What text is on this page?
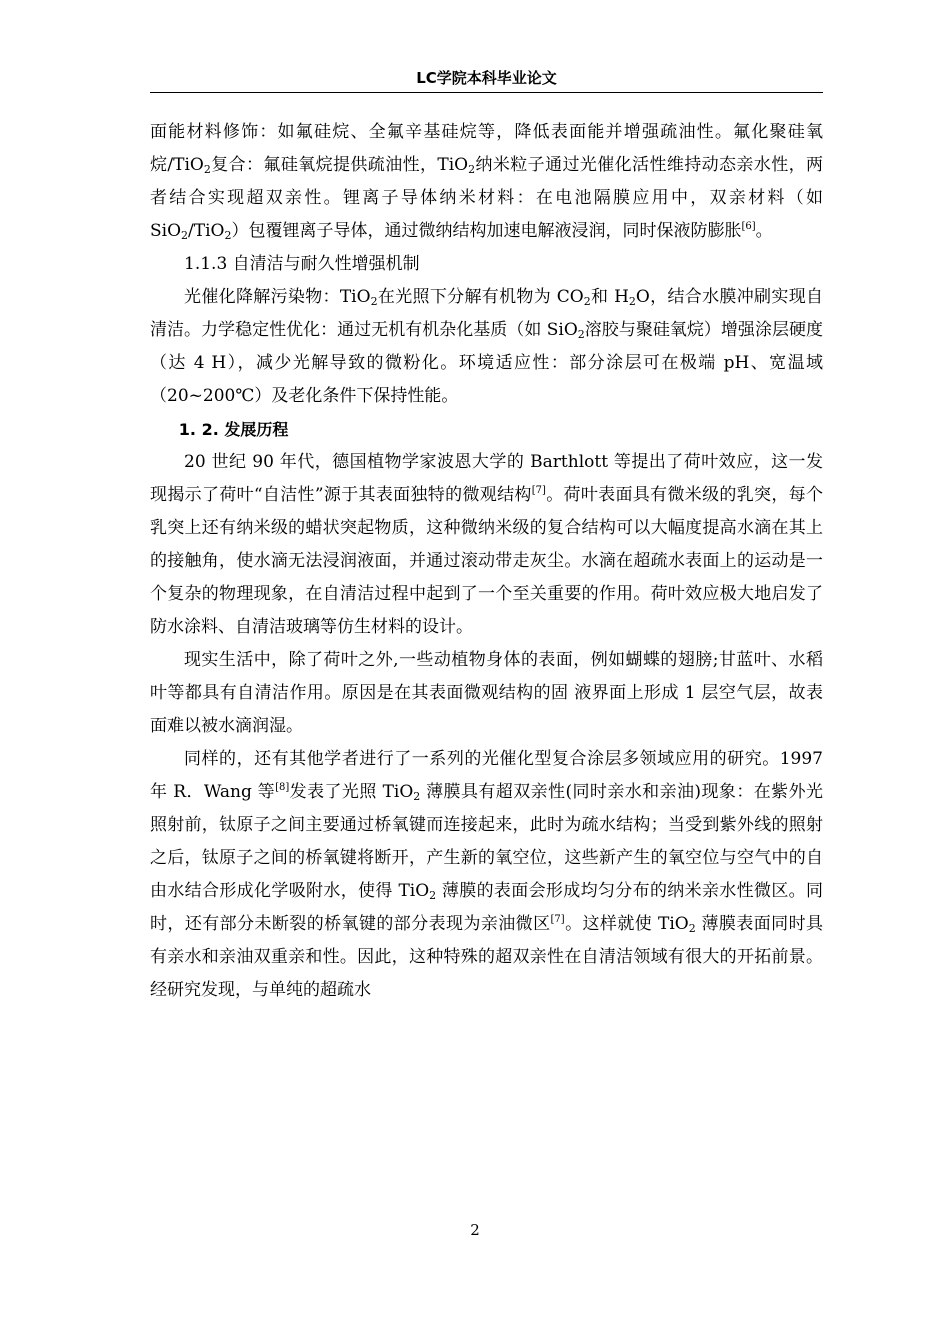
LC学院本科毕业论文

面能材料修饰：如氟硅烷、全氟辛基硅烷等，降低表面能并增强疏油性。氟化聚硅氧烷/TiO$_2$复合：氟硅氧烷提供疏油性，TiO$_2$纳米粒子通过光催化活性维持动态亲水性，两者结合实现超双亲性。锂离子导体纳米材料：在电池隔膜应用中，双亲材料（如 SiO$_2$/TiO$_2$）包覆锂离子导体，通过微纳结构加速电解液浸润，同时保液防膨胀[6]。

1.1.3 自清洁与耐久性增强机制

光催化降解污染物：TiO$_2$在光照下分解有机物为 $CO_2$和 $H_2O$，结合水膜冲刷实现自清洁。力学稳定性优化：通过无机有机杂化基质（如 SiO$_2$溶胶与聚硅氧烷）增强涂层硬度（达 4 H），减少光解导致的微粉化。环境适应性：部分涂层可在极端 pH、宽温域（20~200℃）及老化条件下保持性能。

1. 2. 发展历程

20 世纪 90 年代，德国植物学家波恩大学的 Barthlott 等提出了荷叶效应，这一发现揭示了荷叶“自洁性”源于其表面独特的微观结构[7]。荷叶表面具有微米级的乳突，每个乳突上还有纳米级的蜡状突起物质，这种微纳米级的复合结构可以大幅度提高水滴在其上的接触角，使水滴无法浸润液面，并通过滚动带走灰尘。水滴在超疏水表面上的运动是一个复杂的物理现象，在自清洁过程中起到了一个至关重要的作用。荷叶效应极大地启发了防水涂料、自清洁玻璃等仿生材料的设计。

现实生活中，除了荷叶之外,一些动植物身体的表面，例如蝴蝶的翅膀;甘蓝叶、水稻叶等都具有自清洁作用。原因是在其表面微观结构的固 液界面上形成 1 层空气层，故表面难以被水滴润湿。

同样的，还有其他学者进行了一系列的光催化型复合涂层多领域应用的研究。1997 年 R．Wang 等[8]发表了光照 TiO$_2$ 薄膜具有超双亲性(同时亲水和亲油)现象：在紫外光照射前，钛原子之间主要通过桥氧键而连接起来，此时为疏水结构；当受到紫外线的照射之后，钛原子之间的桥氧键将断开，产生新的氧空位，这些新产生的氧空位与空气中的自由水结合形成化学吸附水，使得 TiO$_2$ 薄膜的表面会形成均匀分布的纳米亲水性微区。同时，还有部分未断裂的桥氧键的部分表现为亲油微区[7]。这样就使 TiO$_2$ 薄膜表面同时具有亲水和亲油双重亲和性。因此，这种特殊的超双亲性在自清洁领域有很大的开拓前景。经研究发现，与单纯的超疏水

2
